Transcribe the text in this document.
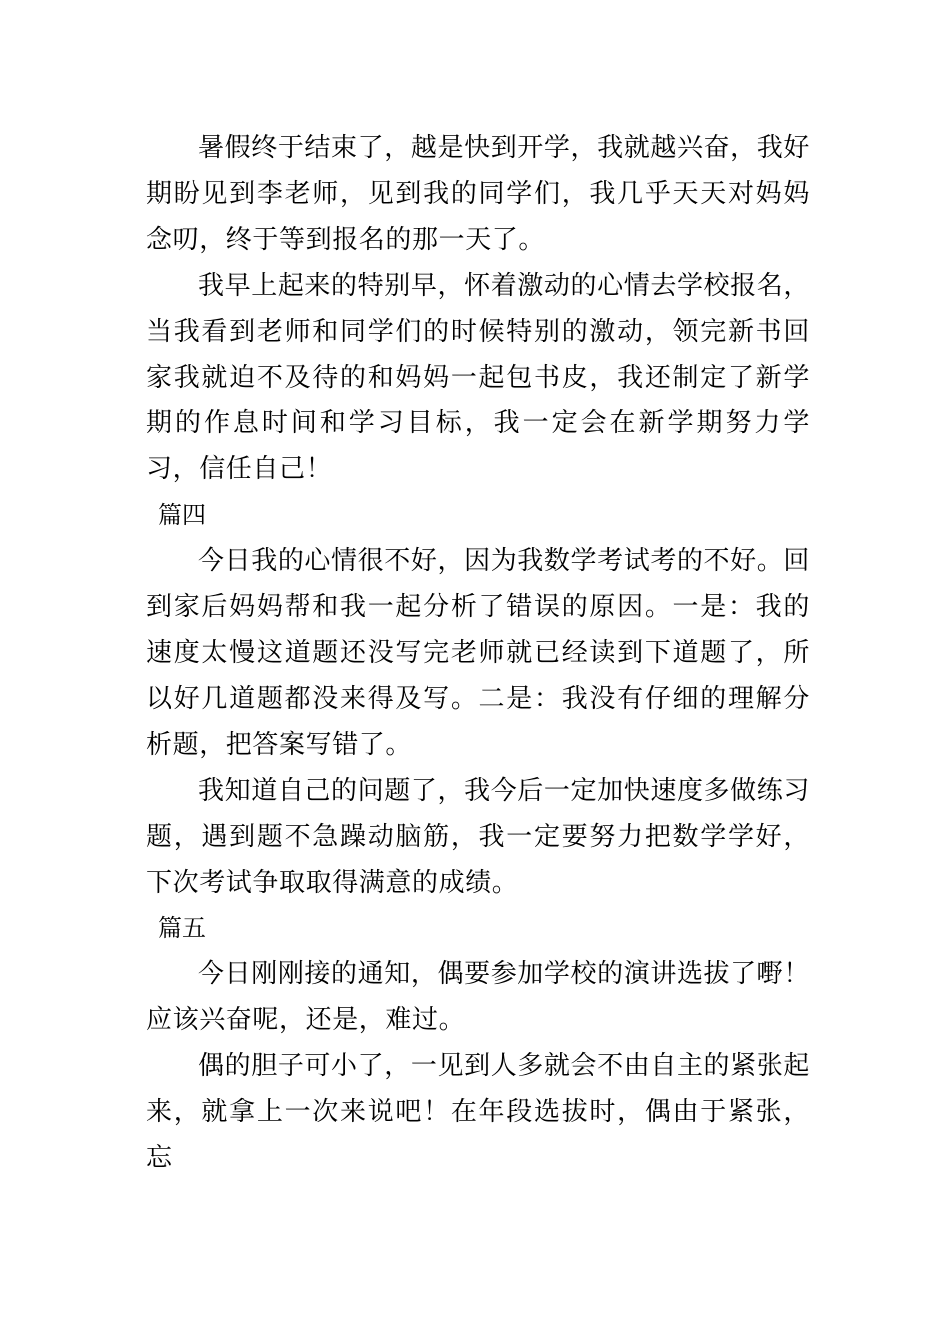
暑假终于结束了，越是快到开学，我就越兴奋，我好期盼见到李老师，见到我的同学们，我几乎天天对妈妈念叨，终于等到报名的那一天了。

我早上起来的特别早，怀着激动的心情去学校报名，当我看到老师和同学们的时候特别的激动，领完新书回家我就迫不及待的和妈妈一起包书皮，我还制定了新学期的作息时间和学习目标，我一定会在新学期努力学习，信任自己！

篇四

今日我的心情很不好，因为我数学考试考的不好。回到家后妈妈帮和我一起分析了错误的原因。一是：我的速度太慢这道题还没写完老师就已经读到下道题了，所以好几道题都没来得及写。二是：我没有仔细的理解分析题，把答案写错了。

我知道自己的问题了，我今后一定加快速度多做练习题，遇到题不急躁动脑筋，我一定要努力把数学学好，下次考试争取取得满意的成绩。

篇五

今日刚刚接的通知，偶要参加学校的演讲选拔了嘢！应该兴奋呢，还是，难过。

偶的胆子可小了，一见到人多就会不由自主的紧张起来，就拿上一次来说吧！在年段选拔时，偶由于紧张，忘
